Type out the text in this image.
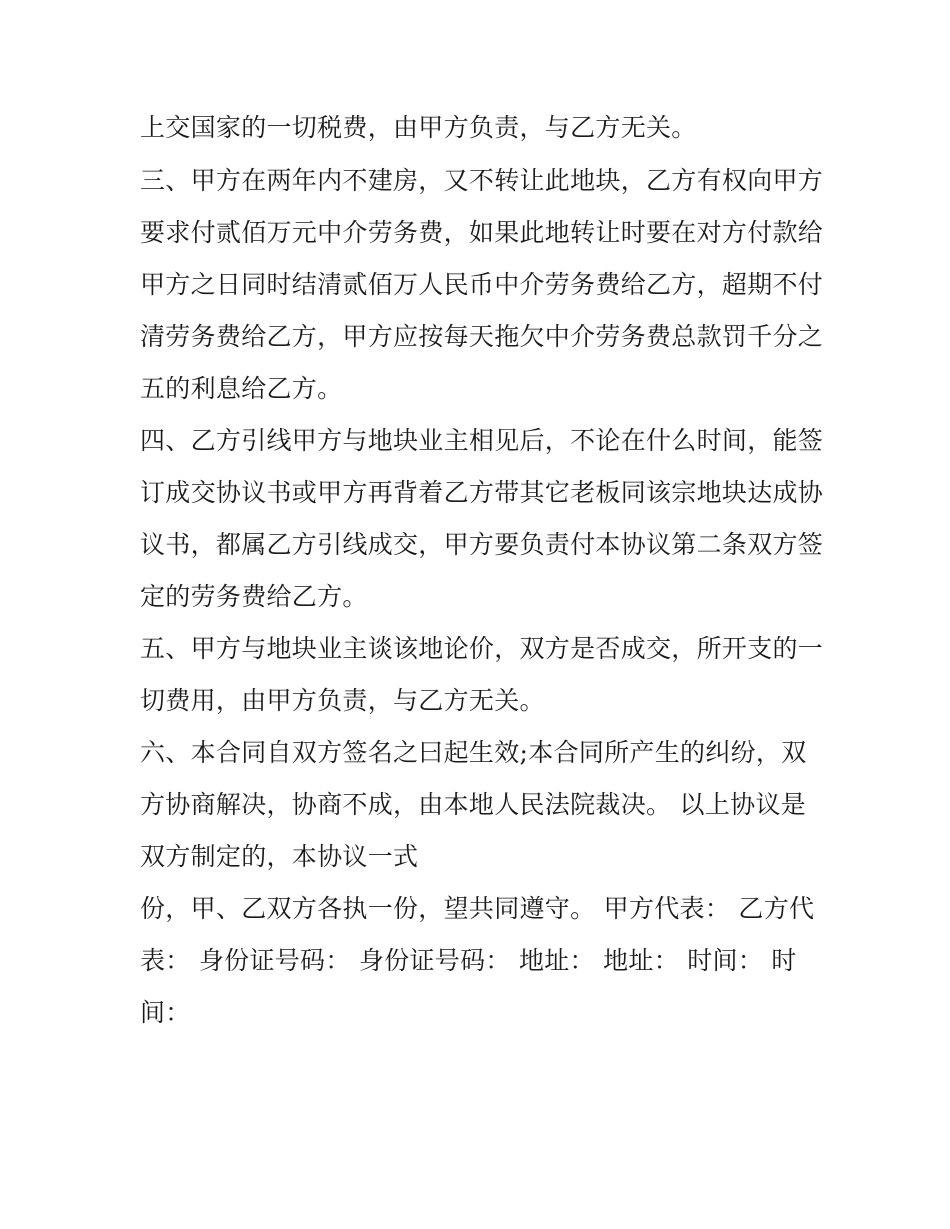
上交国家的一切税费，由甲方负责，与乙方无关。
三、甲方在两年内不建房，又不转让此地块，乙方有权向甲方
要求付贰佰万元中介劳务费，如果此地转让时要在对方付款给
甲方之日同时结清贰佰万人民币中介劳务费给乙方，超期不付
清劳务费给乙方，甲方应按每天拖欠中介劳务费总款罚千分之
五的利息给乙方。
四、乙方引线甲方与地块业主相见后，不论在什么时间，能签
订成交协议书或甲方再背着乙方带其它老板同该宗地块达成协
议书，都属乙方引线成交，甲方要负责付本协议第二条双方签
定的劳务费给乙方。
五、甲方与地块业主谈该地论价，双方是否成交，所开支的一
切费用，由甲方负责，与乙方无关。
六、本合同自双方签名之曰起生效;本合同所产生的纠纷，双
方协商解决，协商不成，由本地人民法院裁决。 以上协议是
双方制定的，本协议一式
份，甲、乙双方各执一份，望共同遵守。 甲方代表： 乙方代
表： 身份证号码： 身份证号码： 地址： 地址： 时间： 时
间：
